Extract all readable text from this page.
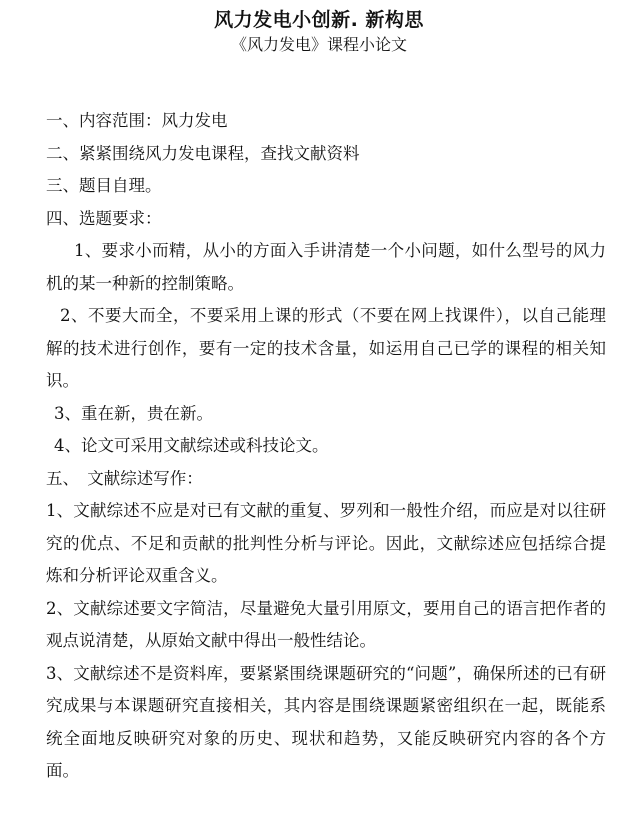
风力发电小创新. 新构思
《风力发电》课程小论文

一、内容范围：风力发电

二、紧紧围绕风力发电课程，查找文献资料

三、题目自理。

四、选题要求：

1、要求小而精，从小的方面入手讲清楚一个小问题，如什么型号的风力机的某一种新的控制策略。

2、不要大而全，不要采用上课的形式（不要在网上找课件），以自己能理解的技术进行创作，要有一定的技术含量，如运用自己已学的课程的相关知识。

3、重在新，贵在新。

4、论文可采用文献综述或科技论文。

五、　文献综述写作：

1、文献综述不应是对已有文献的重复、罗列和一般性介绍，而应是对以往研究的优点、不足和贡献的批判性分析与评论。因此，文献综述应包括综合提炼和分析评论双重含义。

2、文献综述要文字简洁，尽量避免大量引用原文，要用自己的语言把作者的观点说清楚，从原始文献中得出一般性结论。

3、文献综述不是资料库，要紧紧围绕课题研究的“问题”，确保所述的已有研究成果与本课题研究直接相关，其内容是围绕课题紧密组织在一起，既能系统全面地反映研究对象的历史、现状和趋势，又能反映研究内容的各个方面。
